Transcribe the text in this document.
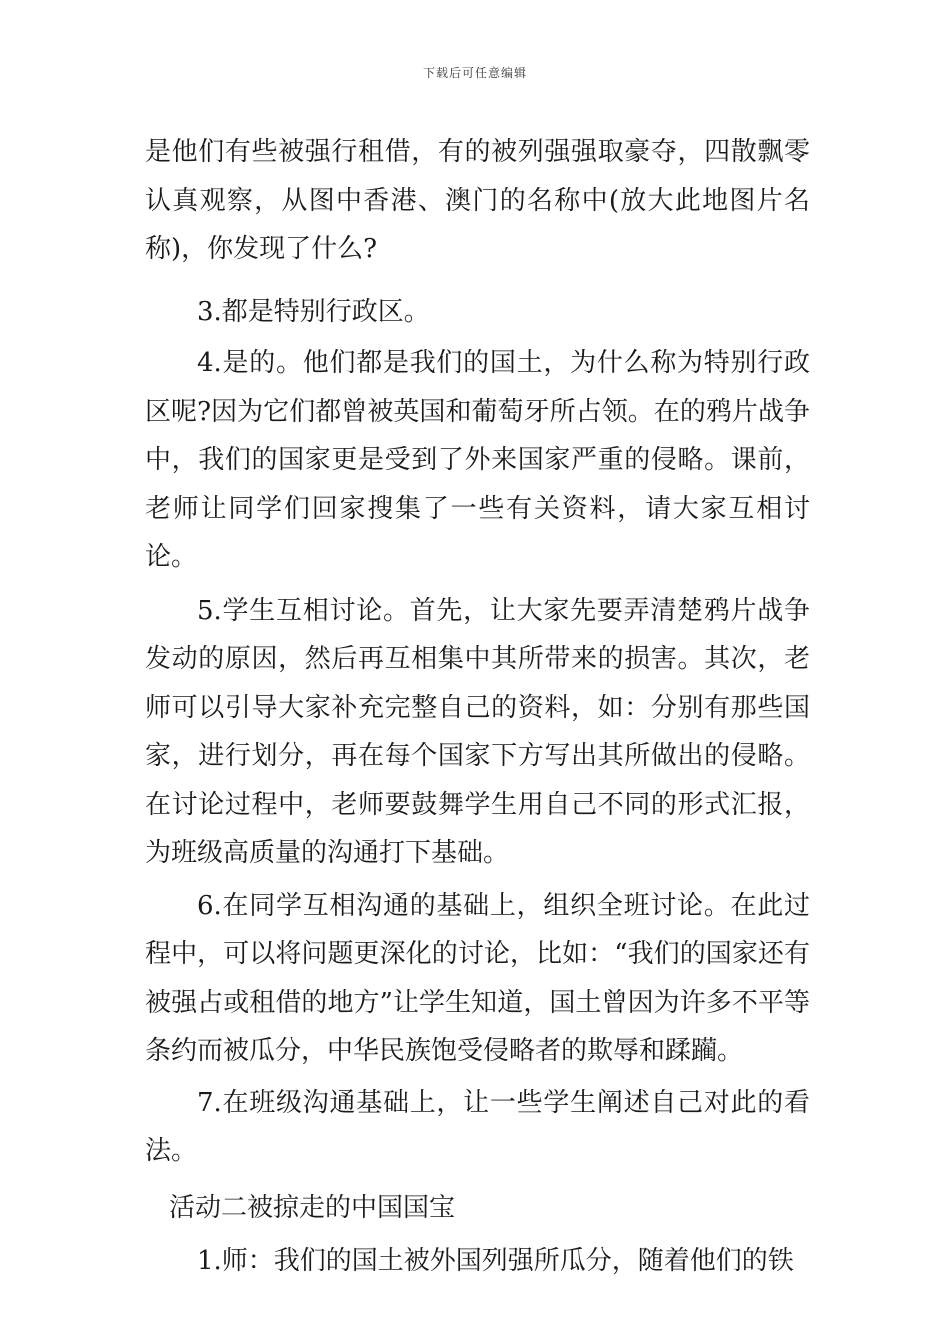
下载后可任意编辑

是他们有些被强行租借，有的被列强强取豪夺，四散飘零认真观察，从图中香港、澳门的名称中(放大此地图片名称)，你发现了什么?

3.都是特别行政区。

4.是的。他们都是我们的国土，为什么称为特别行政区呢?因为它们都曾被英国和葡萄牙所占领。在的鸦片战争中，我们的国家更是受到了外来国家严重的侵略。课前，老师让同学们回家搜集了一些有关资料，请大家互相讨论。

5.学生互相讨论。首先，让大家先要弄清楚鸦片战争发动的原因，然后再互相集中其所带来的损害。其次，老师可以引导大家补充完整自己的资料，如：分别有那些国家，进行划分，再在每个国家下方写出其所做出的侵略。在讨论过程中，老师要鼓舞学生用自己不同的形式汇报，为班级高质量的沟通打下基础。

6.在同学互相沟通的基础上，组织全班讨论。在此过程中，可以将问题更深化的讨论，比如：“我们的国家还有被强占或租借的地方”让学生知道，国土曾因为许多不平等条约而被瓜分，中华民族饱受侵略者的欺辱和蹂躏。

7.在班级沟通基础上，让一些学生阐述自己对此的看法。

活动二被掠走的中国国宝

1.师：我们的国土被外国列强所瓜分，随着他们的铁
